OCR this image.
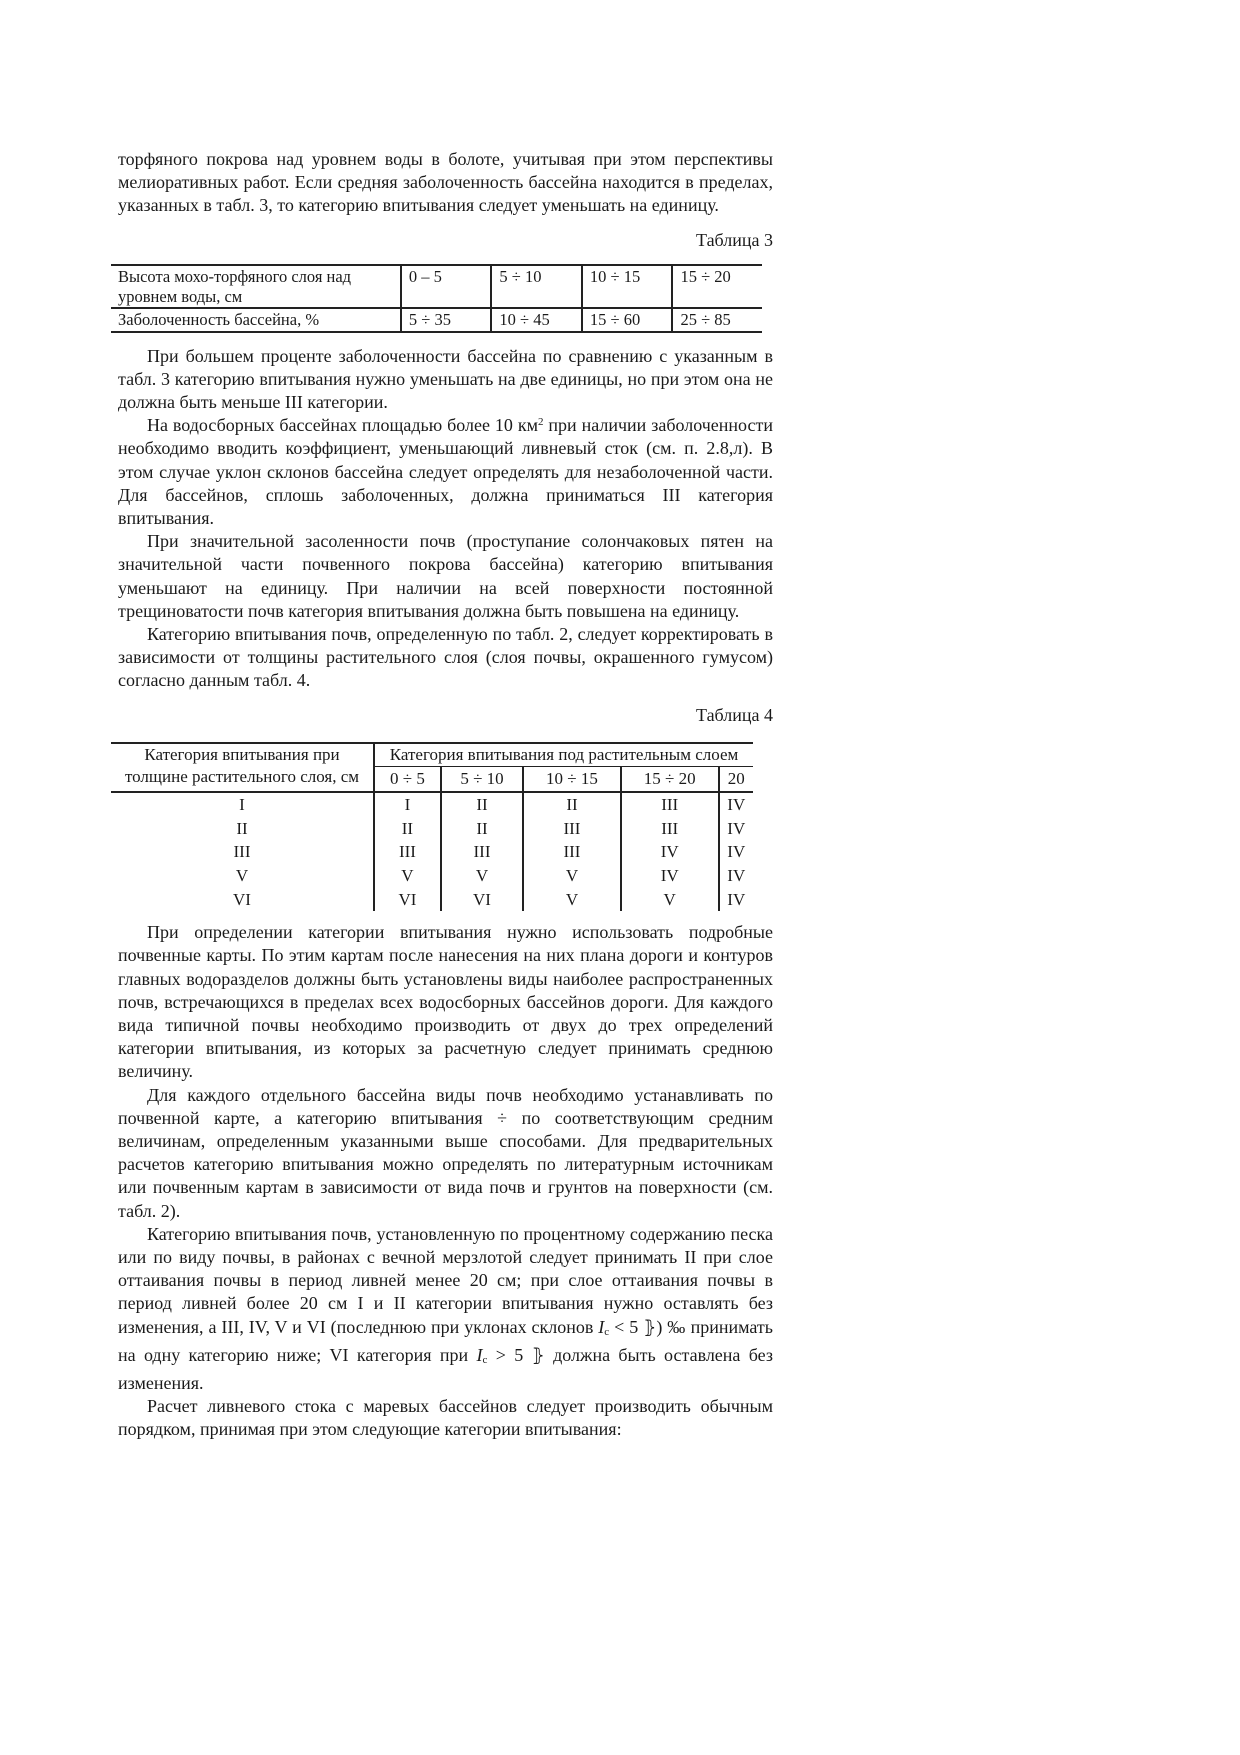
торфяного покрова над уровнем воды в болоте, учитывая при этом перспективы мелиоративных работ. Если средняя заболоченность бассейна находится в пределах, указанных в табл. 3, то категорию впитывания следует уменьшать на единицу.

Таблица 3
Высота мохо-торфяного слоя над уровнем воды, см	0 – 5	5 ÷ 10	10 ÷ 15	15 ÷ 20
Заболоченность бассейна, %	5 ÷ 35	10 ÷ 45	15 ÷ 60	25 ÷ 85

При большем проценте заболоченности бассейна по сравнению с указанным в табл. 3 категорию впитывания нужно уменьшать на две единицы, но при этом она не должна быть меньше III категории.

На водосборных бассейнах площадью более 10 $км^2$ при наличии заболоченности необходимо вводить коэффициент, уменьшающий ливневый сток (см. п. 2.8,л). В этом случае уклон склонов бассейна следует определять для незаболоченной части. Для бассейнов, сплошь заболоченных, должна приниматься III категория впитывания.

При значительной засоленности почв (проступание солончаковых пятен на значительной части почвенного покрова бассейна) категорию впитывания уменьшают на единицу. При наличии на всей поверхности постоянной трещиноватости почв категория впитывания должна быть повышена на единицу.

Категорию впитывания почв, определенную по табл. 2, следует корректировать в зависимости от толщины растительного слоя (слоя почвы, окрашенного гумусом) согласно данным табл. 4.

Таблица 4
Категория впитывания при толщине растительного слоя, см	Категория впитывания под растительным слоем				
	0 ÷ 5	5 ÷ 10	10 ÷ 15	15 ÷ 20	20
I	I	II	II	III	IV
II	II	II	III	III	IV
III	III	III	III	IV	IV
V	V	V	V	IV	IV
VI	VI	VI	V	V	IV

При определении категории впитывания нужно использовать подробные почвенные карты. По этим картам после нанесения на них плана дороги и контуров главных водоразделов должны быть установлены виды наиболее распространенных почв, встречающихся в пределах всех водосборных бассейнов дороги. Для каждого вида типичной почвы необходимо производить от двух до трех определений категории впитывания, из которых за расчетную следует принимать среднюю величину.

Для каждого отдельного бассейна виды почв необходимо устанавливать по почвенной карте, а категорию впитывания ÷ по соответствующим средним величинам, определенным указанными выше способами. Для предварительных расчетов категорию впитывания можно определять по литературным источникам или почвенным картам в зависимости от вида почв и грунтов на поверхности (см. табл. 2).

Категорию впитывания почв, установленную по процентному содержанию песка или по виду почвы, в районах с вечной мерзлотой следует принимать II при слое оттаивания почвы в период ливней менее 20 см; при слое оттаивания почвы в период ливней более 20 см I и II категории впитывания нужно оставлять без изменения, а III, IV, V и VI (последнюю при уклонах склонов Ic < 5 ⦄) ‰ принимать на одну категорию ниже; VI категория при Ic > 5 ⦄ должна быть оставлена без изменения.

Расчет ливневого стока с маревых бассейнов следует производить обычным порядком, принимая при этом следующие категории впитывания:
